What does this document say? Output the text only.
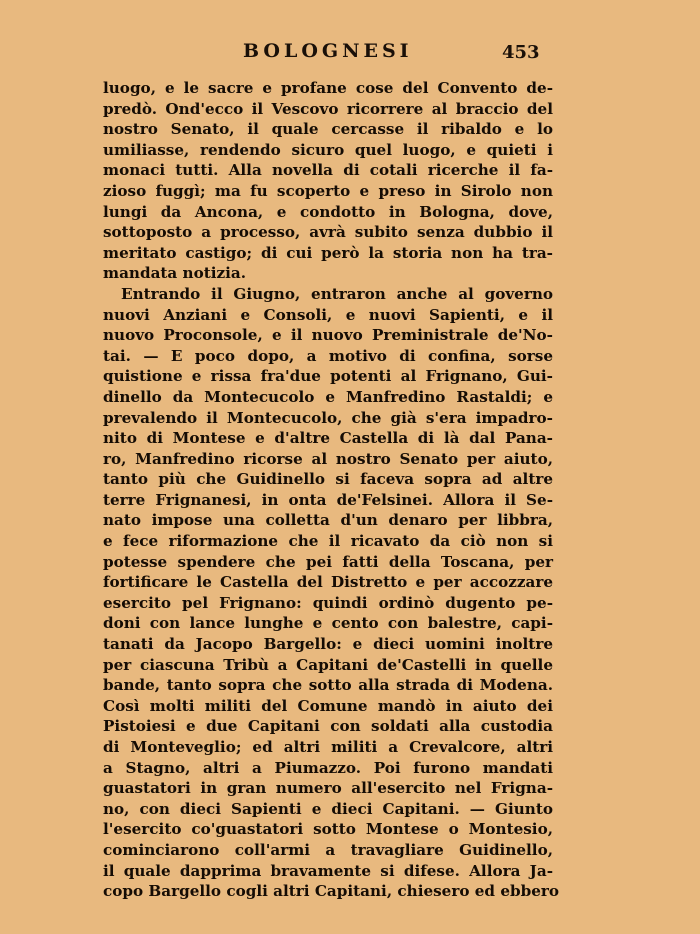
BOLOGNESI	453
luogo, e le sacre e profane cose del Convento de-
predò. Ond'ecco il Vescovo ricorrere al braccio del
nostro Senato, il quale cercasse il ribaldo e lo
umiliasse, rendendo sicuro quel luogo, e quieti i
monaci tutti. Alla novella di cotali ricerche il fa-
zioso fuggì; ma fu scoperto e preso in Sirolo non
lungi da Ancona, e condotto in Bologna, dove,
sottoposto a processo, avrà subito senza dubbio il
meritato castigo; di cui però la storia non ha tra-
mandata notizia.
Entrando il Giugno, entraron anche al governo
nuovi Anziani e Consoli, e nuovi Sapienti, e il
nuovo Proconsole, e il nuovo Preministrale de'No-
tai. — E poco dopo, a motivo di confina, sorse
quistione e rissa fra'due potenti al Frignano, Gui-
dinello da Montecucolo e Manfredino Rastaldi; e
prevalendo il Montecucolo, che già s'era impadro-
nito di Montese e d'altre Castella di là dal Pana-
ro, Manfredino ricorse al nostro Senato per aiuto,
tanto più che Guidinello si faceva sopra ad altre
terre Frignanesi, in onta de'Felsinei. Allora il Se-
nato impose una colletta d'un denaro per libbra,
e fece riformazione che il ricavato da ciò non si
potesse spendere che pei fatti della Toscana, per
fortificare le Castella del Distretto e per accozzare
esercito pel Frignano: quindi ordinò dugento pe-
doni con lance lunghe e cento con balestre, capi-
tanati da Jacopo Bargello: e dieci uomini inoltre
per ciascuna Tribù a Capitani de'Castelli in quelle
bande, tanto sopra che sotto alla strada di Modena.
Così molti militi del Comune mandò in aiuto dei
Pistoiesi e due Capitani con soldati alla custodia
di Monteveglio; ed altri militi a Crevalcore, altri
a Stagno, altri a Piumazzo. Poi furono mandati
guastatori in gran numero all'esercito nel Frigna-
no, con dieci Sapienti e dieci Capitani. — Giunto
l'esercito co'guastatori sotto Montese o Montesio,
cominciarono coll'armi a travagliare Guidinello,
il quale dapprima bravamente si difese. Allora Ja-
copo Bargello cogli altri Capitani, chiesero ed ebbero
